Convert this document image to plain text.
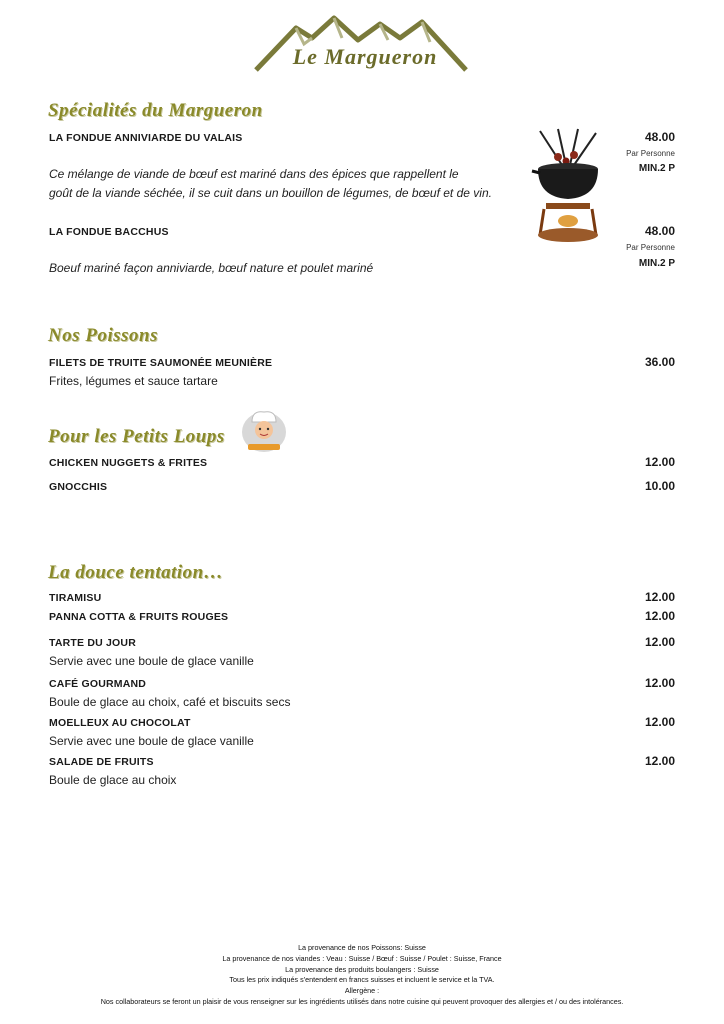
Le Margueron
Spécialités du Margueron
LA FONDUE ANNIVIARDE DU VALAIS	48.00
Par Personne
MIN.2 P
Ce mélange de viande de bœuf est mariné dans des épices que rappellent le
goût de la viande séchée, il se cuit dans un bouillon de légumes, de bœuf et de vin.
LA FONDUE BACCHUS	48.00
Par Personne
MIN.2 P
Boeuf mariné façon anniviarde, bœuf nature et poulet mariné
Nos Poissons
FILETS DE TRUITE SAUMONÉE MEUNIÈRE	36.00
Frites, légumes et sauce tartare
Pour les Petits Loups
CHICKEN NUGGETS & FRITES	12.00
GNOCCHIS	10.00
La douce tentation…
TIRAMISU	12.00
PANNA COTTA & FRUITS ROUGES	12.00
TARTE DU JOUR	12.00
Servie avec une boule de glace vanille
CAFÉ GOURMAND	12.00
Boule de glace au choix, café et biscuits secs
MOELLEUX AU CHOCOLAT	12.00
Servie avec une boule de glace vanille
SALADE DE FRUITS	12.00
Boule de glace au choix
La provenance de nos Poissons: Suisse
La provenance de nos viandes : Veau : Suisse / Bœuf : Suisse / Poulet : Suisse, France
La provenance des produits boulangers : Suisse
Tous les prix indiqués s'entendent en francs suisses et incluent le service et la TVA.
Allergène :
Nos collaborateurs se feront un plaisir de vous renseigner sur les ingrédients utilisés dans notre cuisine qui peuvent provoquer des allergies et / ou des intolérances.
